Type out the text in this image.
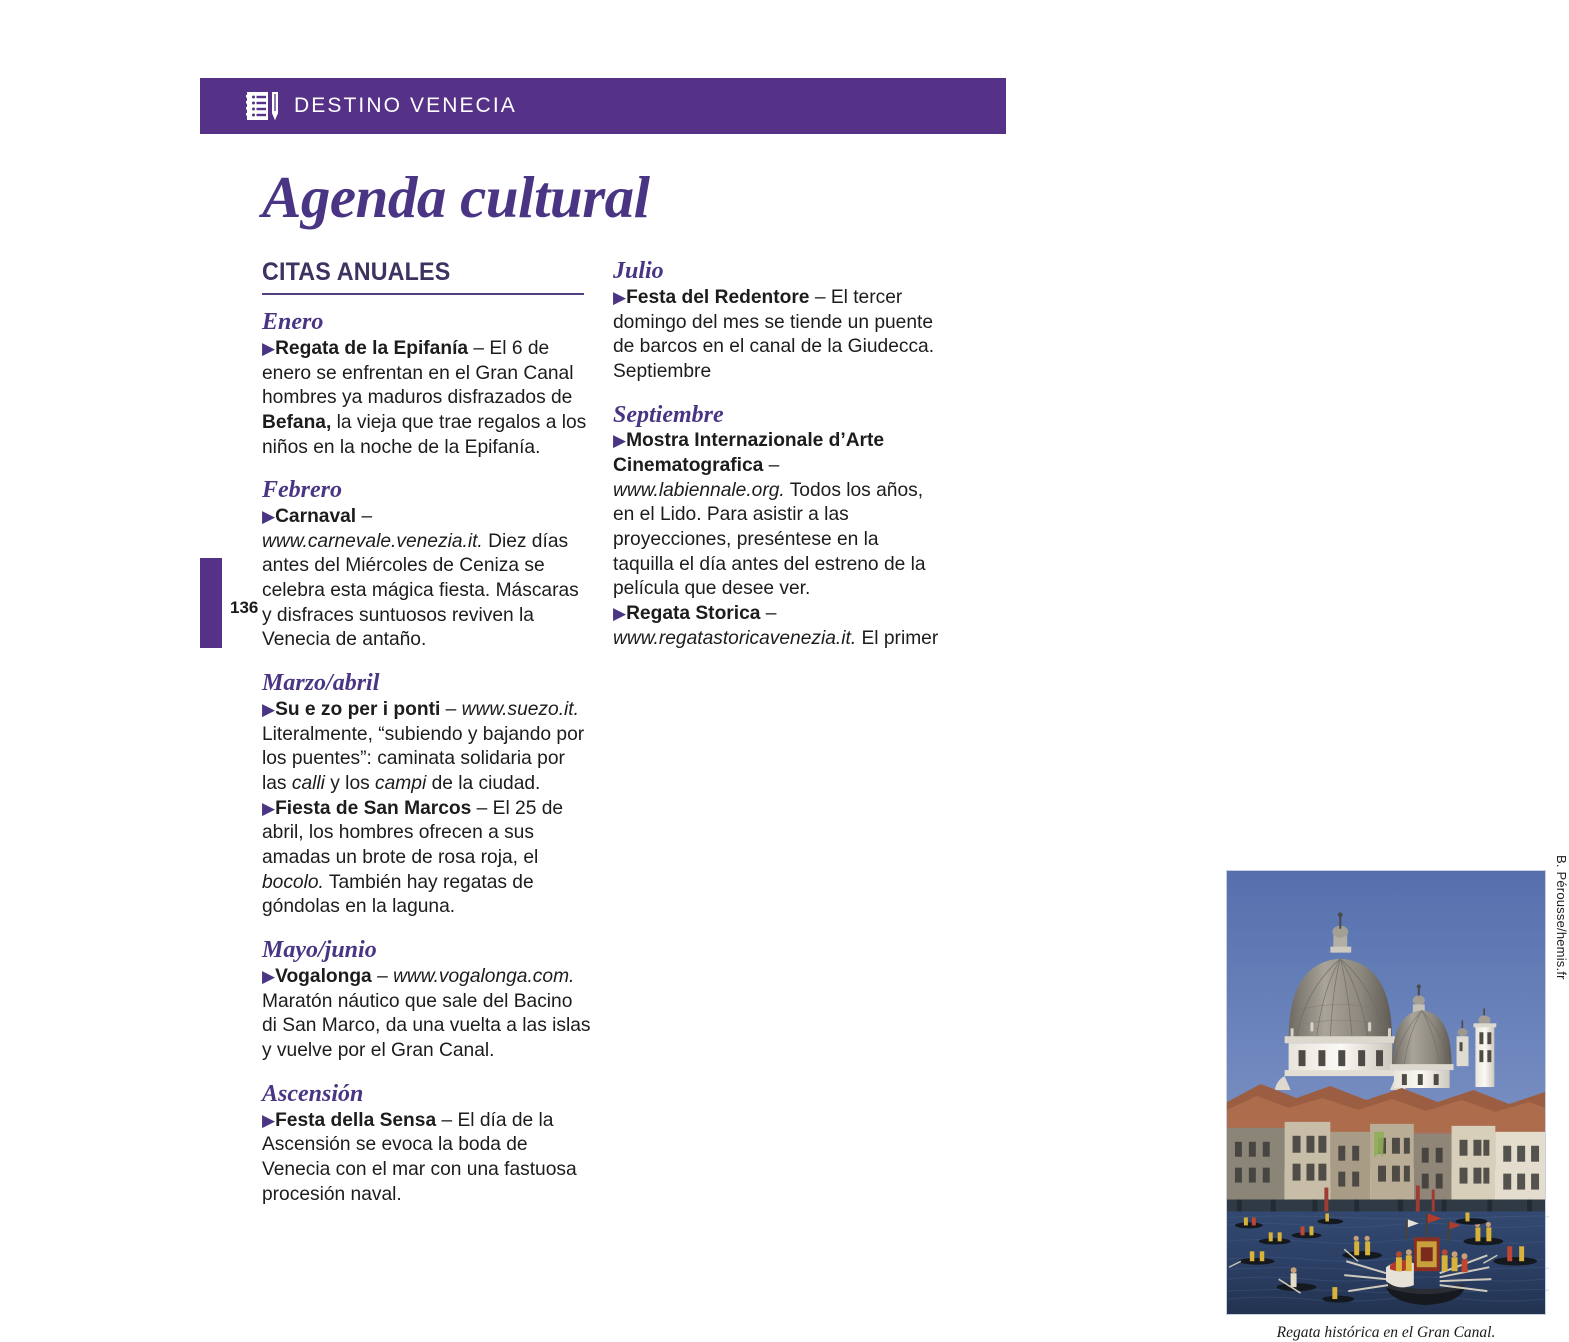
DESTINO VENECIA
Agenda cultural
136
CITAS ANUALES
Enero

▶Regata de la Epifanía – El 6 de enero se enfrentan en el Gran Canal hombres ya maduros disfrazados de Befana, la vieja que trae regalos a los niños en la noche de la Epifanía.

Febrero

▶Carnaval – www.carnevale.venezia.it. Diez días antes del Miércoles de Ceniza se celebra esta mágica fiesta. Máscaras y disfraces suntuosos reviven la Venecia de antaño.

Marzo/abril

▶Su e zo per i ponti – www.suezo.it. Literalmente, “subiendo y bajando por los puentes”: caminata solidaria por las calli y los campi de la ciudad.

▶Fiesta de San Marcos – El 25 de abril, los hombres ofrecen a sus amadas un brote de rosa roja, el bocolo. También hay regatas de góndolas en la laguna.

Mayo/junio

▶Vogalonga – www.vogalonga.com. Maratón náutico que sale del Bacino di San Marco, da una vuelta a las islas y vuelve por el Gran Canal.

Ascensión

▶Festa della Sensa – El día de la Ascensión se evoca la boda de Venecia con el mar con una fastuosa procesión naval.

Julio

▶Festa del Redentore – El tercer domingo del mes se tiende un puente de barcos en el canal de la Giudecca. Septiembre

Septiembre

▶Mostra Internazionale d’Arte Cinematografica – www.labiennale.org. Todos los años, en el Lido. Para asistir a las proyecciones, preséntese en la taquilla el día antes del estreno de la película que desee ver.

▶Regata Storica – www.regatastoricavenezia.it. El primer

B. Pérousse/hemis.fr
Regata histórica en el Gran Canal.
